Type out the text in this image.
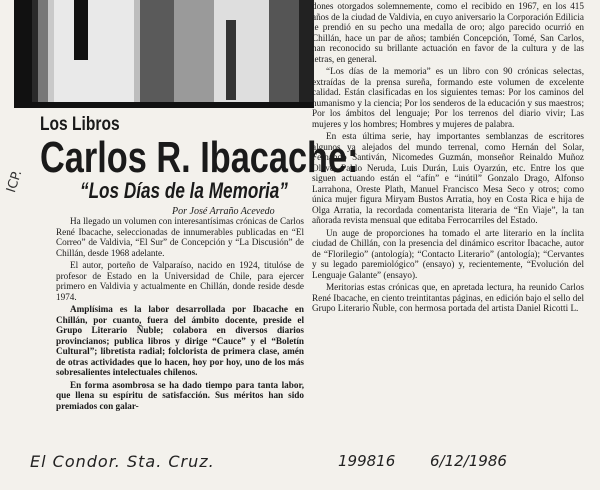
Los Libros
Carlos R. Ibacache:
“Los Días de la Memoria”
Por José Arraño Acevedo

Ha llegado un volumen con interesantísimas crónicas de Carlos René Ibacache, seleccionadas de innumerables publicadas en “El Correo” de Valdivia, “El Sur” de Concepción y “La Discusión” de Chillán, desde 1968 adelante.

El autor, porteño de Valparaíso, nacido en 1924, titulóse de profesor de Estado en la Universidad de Chile, para ejercer primero en Valdivia y actualmente en Chillán, donde reside desde 1974.

Amplísima es la labor desarrollada por Ibacache en Chillán, por cuanto, fuera del ámbito docente, preside el Grupo Literario Ñuble; colabora en diversos diarios provincianos; publica libros y dirige “Cauce” y el “Boletín Cultural”; libretista radial; folclorista de primera clase, amén de otras actividades que lo hacen, hoy por hoy, uno de los más sobresalientes intelectuales chilenos.

En forma asombrosa se ha dado tiempo para tanta labor, que llena su espíritu de satisfacción. Sus méritos han sido premiados con galar-

dones otorgados solemnemente, como el recibido en 1967, en los 415 años de la ciudad de Valdivia, en cuyo aniversario la Corporación Edilicia le prendió en su pecho una medalla de oro; algo parecido ocurrió en Chillán, hace un par de años; también Concepción, Tomé, San Carlos, han reconocido su brillante actuación en favor de la cultura y de las letras, en general.

“Los días de la memoria” es un libro con 90 crónicas selectas, extraídas de la prensa sureña, formando este volumen de excelente calidad. Están clasificadas en los siguientes temas: Por los caminos del humanismo y la ciencia; Por los senderos de la educación y sus maestros; Por los ámbitos del lenguaje; Por los terrenos del diario vivir; Las mujeres y los hombres; Hombres y mujeres de palabra.

En esta última serie, hay importantes semblanzas de escritores algunos ya alejados del mundo terrenal, como Hernán del Solar, Fernando Santiván, Nicomedes Guzmán, monseñor Reinaldo Muñoz Olave, Pablo Neruda, Luis Durán, Luis Oyarzún, etc. Entre los que siguen actuando están el “afín” e “inútil” Gonzalo Drago, Alfonso Larrahona, Oreste Plath, Manuel Francisco Mesa Seco y otros; como única mujer figura Miryam Bustos Arratia, hoy en Costa Rica e hija de Olga Arratia, la recordada comentarista literaria de “En Viaje”, la tan añorada revista mensual que editaba Ferrocarriles del Estado.

Un auge de proporciones ha tomado el arte literario en la ínclita ciudad de Chillán, con la presencia del dinámico escritor Ibacache, autor de “Florilegio” (antología); “Contacto Literario” (antología); “Cervantes y su legado paremiológico” (ensayo) y, recientemente, “Evolución del Lenguaje Galante” (ensayo).

Meritorias estas crónicas que, en apretada lectura, ha reunido Carlos René Ibacache, en ciento treintitantas páginas, en edición bajo el sello del Grupo Literario Ñuble, con hermosa portada del artista Daniel Ricotti L.

ICP.
El Condor. Sta. Cruz.	199816 6/12/1986
